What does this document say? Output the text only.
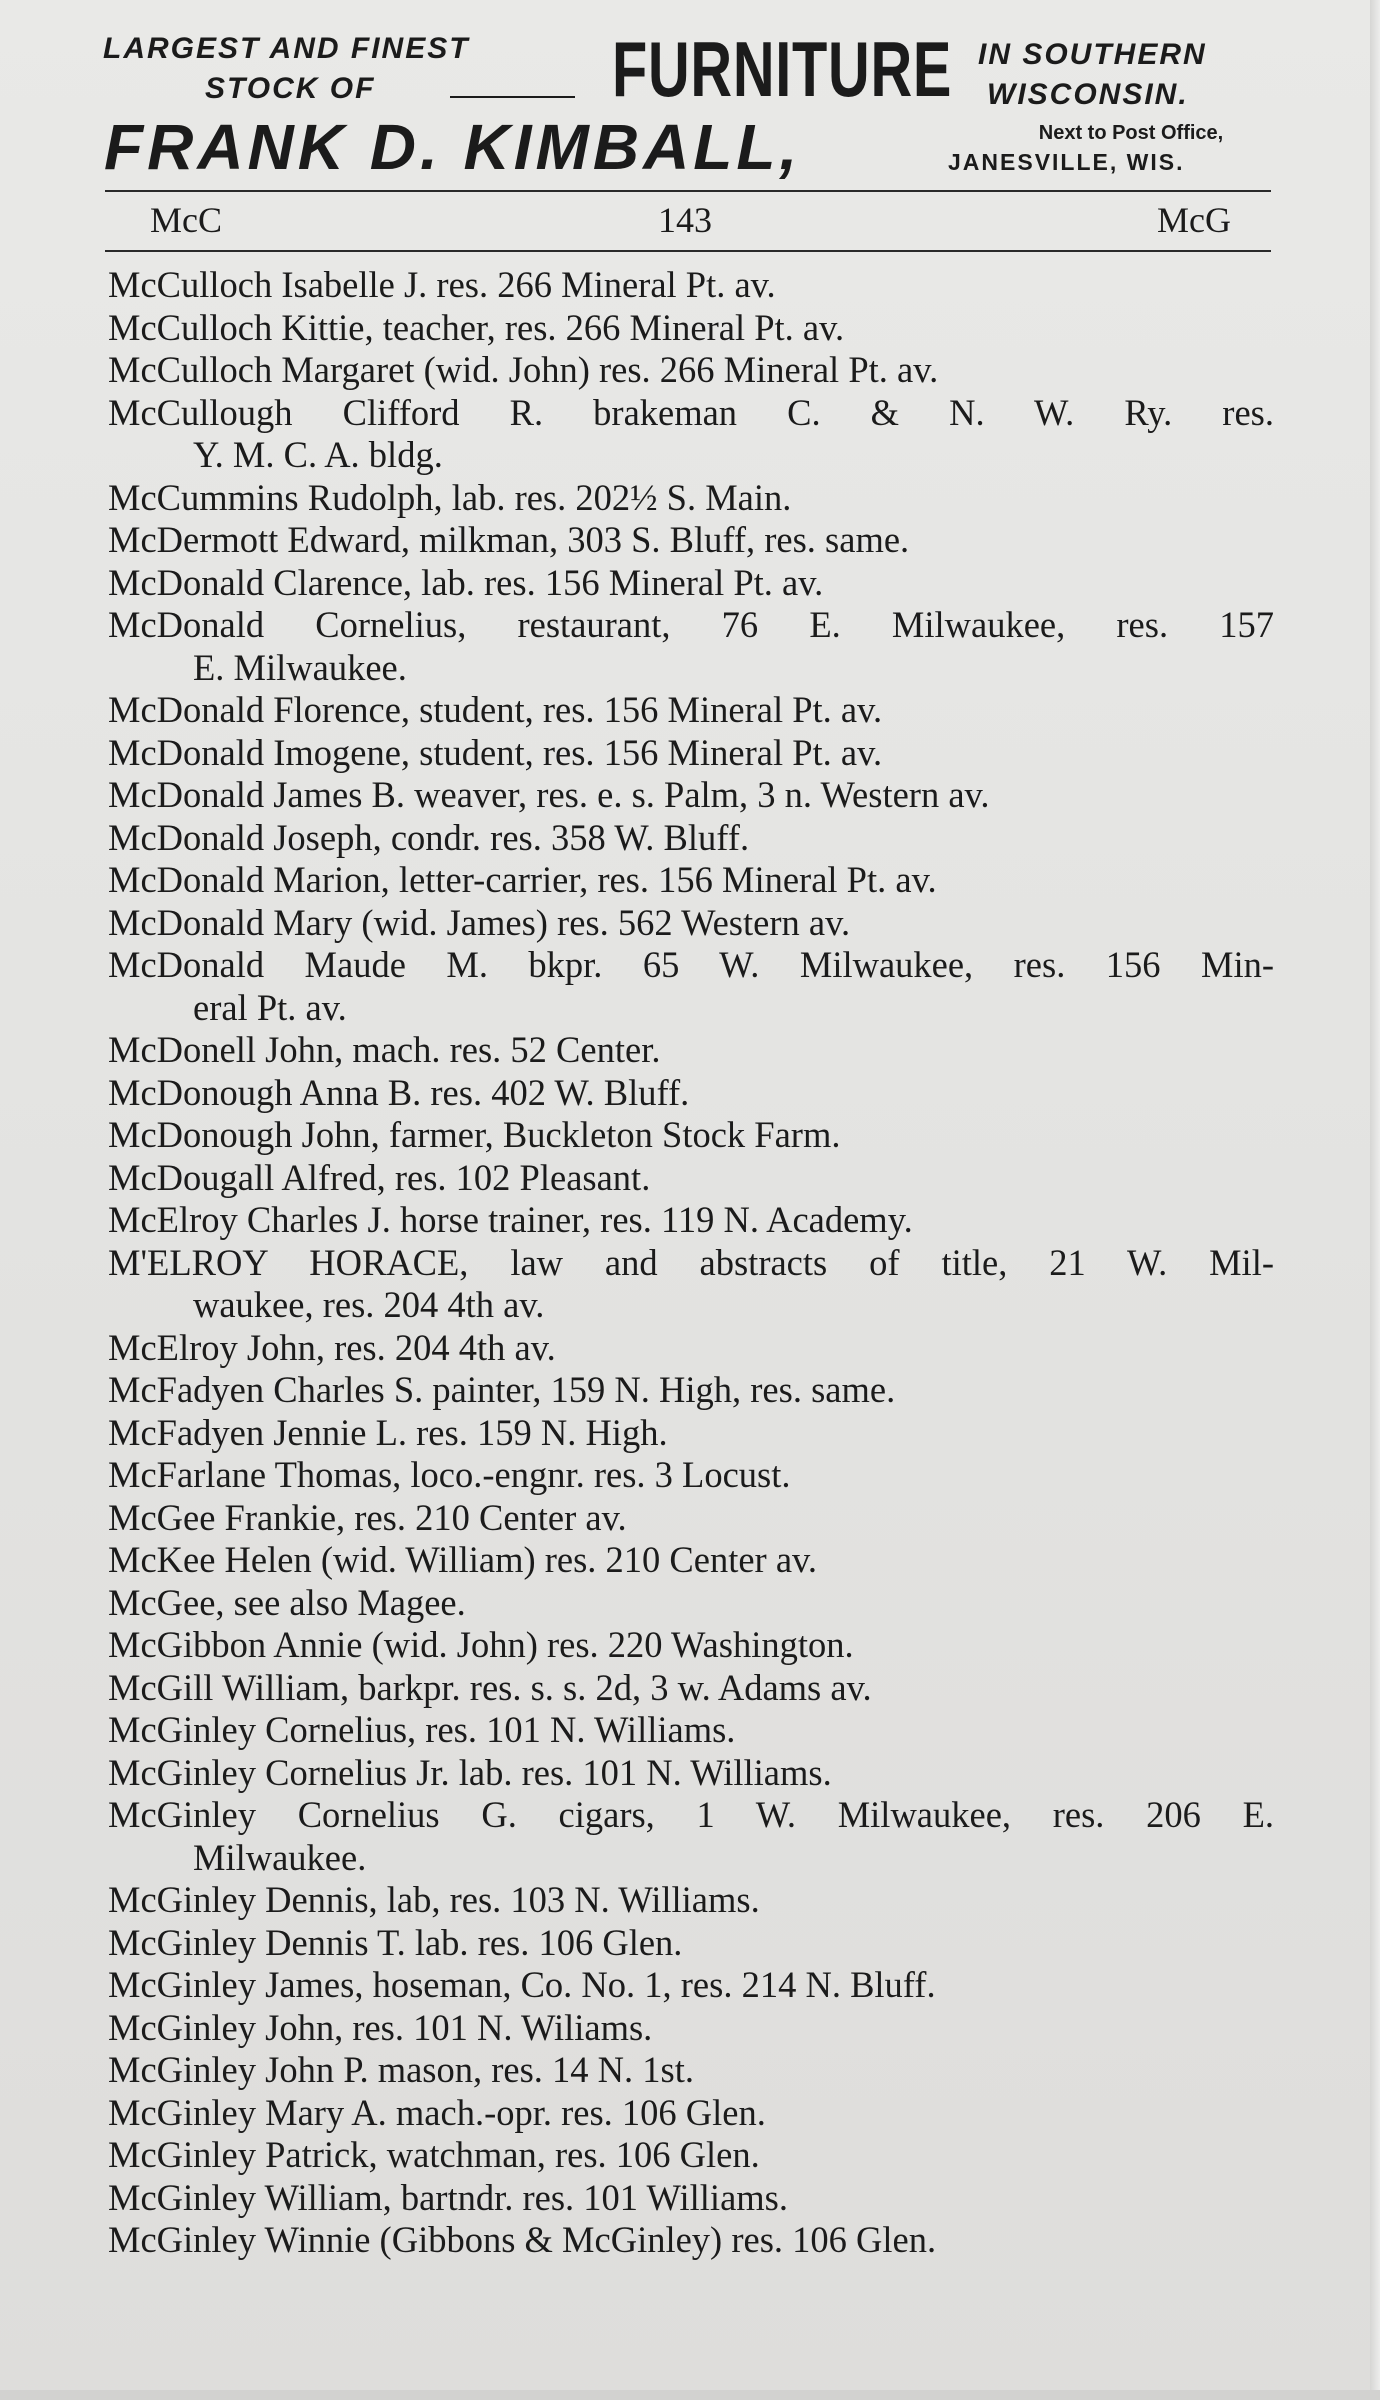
LARGEST AND FINEST
STOCK OF	FURNITURE IN SOUTHERN
WISCONSIN.
FRANK D. KIMBALL,	Next to Post Office,
JANESVILLE, WIS.
McC	143	McG
McCulloch Isabelle J. res. 266 Mineral Pt. av.
McCulloch Kittie, teacher, res. 266 Mineral Pt. av.
McCulloch Margaret (wid. John) res. 266 Mineral Pt. av.
McCullough Clifford R. brakeman C. & N. W. Ry. res.
Y. M. C. A. bldg.
McCummins Rudolph, lab. res. 202½ S. Main.
McDermott Edward, milkman, 303 S. Bluff, res. same.
McDonald Clarence, lab. res. 156 Mineral Pt. av.
McDonald Cornelius, restaurant, 76 E. Milwaukee, res. 157
E. Milwaukee.
McDonald Florence, student, res. 156 Mineral Pt. av.
McDonald Imogene, student, res. 156 Mineral Pt. av.
McDonald James B. weaver, res. e. s. Palm, 3 n. Western av.
McDonald Joseph, condr. res. 358 W. Bluff.
McDonald Marion, letter-carrier, res. 156 Mineral Pt. av.
McDonald Mary (wid. James) res. 562 Western av.
McDonald Maude M. bkpr. 65 W. Milwaukee, res. 156 Min-
eral Pt. av.
McDonell John, mach. res. 52 Center.
McDonough Anna B. res. 402 W. Bluff.
McDonough John, farmer, Buckleton Stock Farm.
McDougall Alfred, res. 102 Pleasant.
McElroy Charles J. horse trainer, res. 119 N. Academy.
M'ELROY HORACE, law and abstracts of title, 21 W. Mil-
waukee, res. 204 4th av.
McElroy John, res. 204 4th av.
McFadyen Charles S. painter, 159 N. High, res. same.
McFadyen Jennie L. res. 159 N. High.
McFarlane Thomas, loco.-engnr. res. 3 Locust.
McGee Frankie, res. 210 Center av.
McKee Helen (wid. William) res. 210 Center av.
McGee, see also Magee.
McGibbon Annie (wid. John) res. 220 Washington.
McGill William, barkpr. res. s. s. 2d, 3 w. Adams av.
McGinley Cornelius, res. 101 N. Williams.
McGinley Cornelius Jr. lab. res. 101 N. Williams.
McGinley Cornelius G. cigars, 1 W. Milwaukee, res. 206 E.
Milwaukee.
McGinley Dennis, lab, res. 103 N. Williams.
McGinley Dennis T. lab. res. 106 Glen.
McGinley James, hoseman, Co. No. 1, res. 214 N. Bluff.
McGinley John, res. 101 N. Wiliams.
McGinley John P. mason, res. 14 N. 1st.
McGinley Mary A. mach.-opr. res. 106 Glen.
McGinley Patrick, watchman, res. 106 Glen.
McGinley William, bartndr. res. 101 Williams.
McGinley Winnie (Gibbons & McGinley) res. 106 Glen.
